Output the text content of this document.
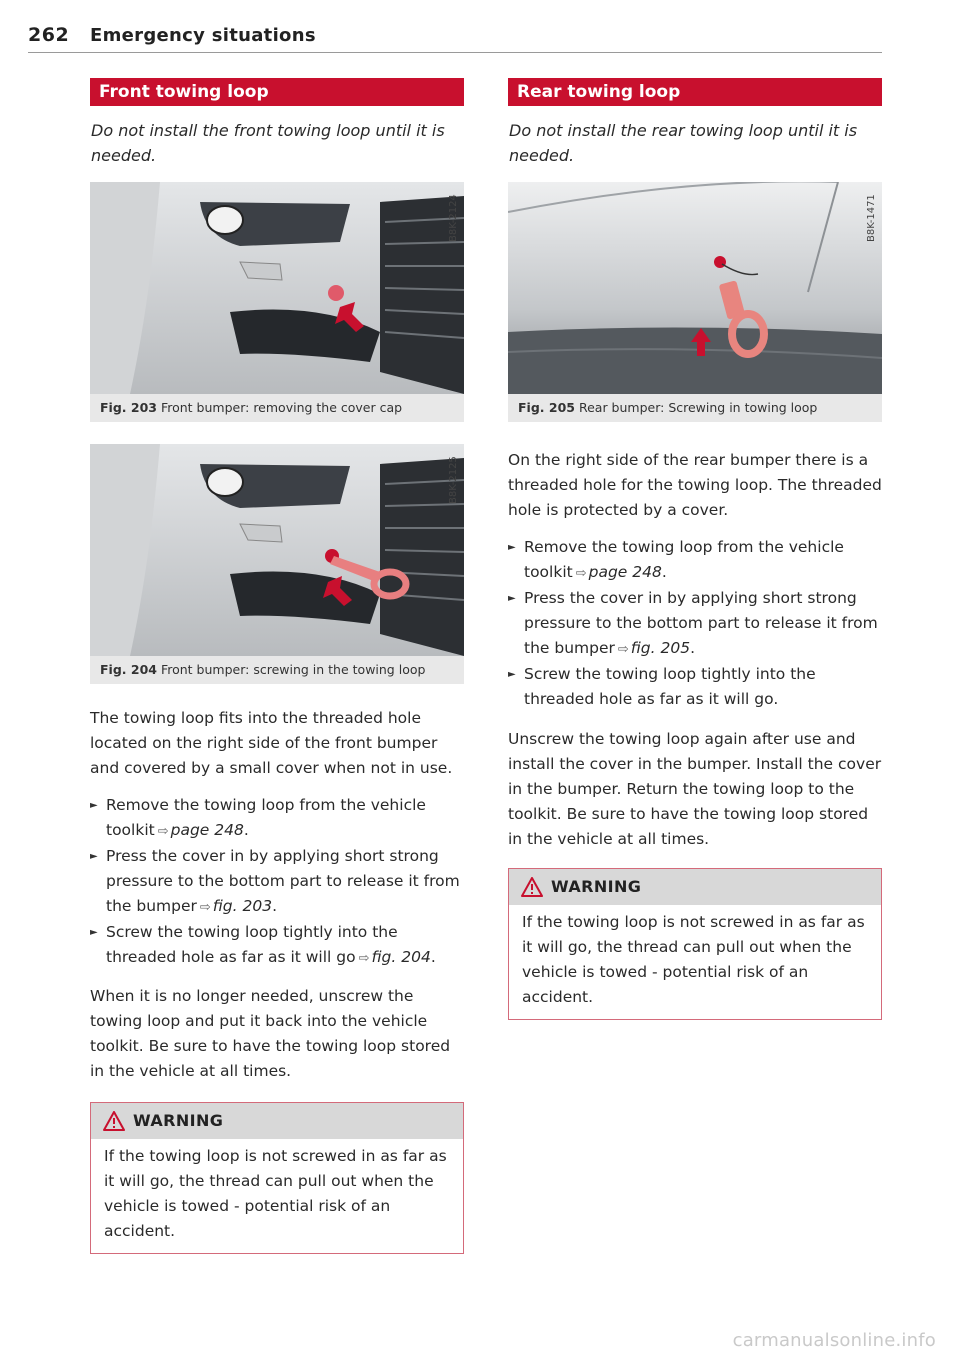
262 Emergency situations
Front towing loop

Do not install the front towing loop until it is needed.

B8K-2124
Fig. 203 Front bumper: removing the cover cap
B8K-2125
Fig. 204 Front bumper: screwing in the towing loop

The towing loop fits into the threaded hole located on the right side of the front bumper and covered by a small cover when not in use.

► Remove the towing loop from the vehicle toolkit ⇨ page 248.
► Press the cover in by applying short strong pressure to the bottom part to release it from the bumper ⇨ fig. 203.
► Screw the towing loop tightly into the threaded hole as far as it will go ⇨ fig. 204.

When it is no longer needed, unscrew the towing loop and put it back into the vehicle toolkit. Be sure to have the towing loop stored in the vehicle at all times.

WARNING
If the towing loop is not screwed in as far as it will go, the thread can pull out when the vehicle is towed - potential risk of an accident.
Rear towing loop

Do not install the rear towing loop until it is needed.

B8K-1471
Fig. 205 Rear bumper: Screwing in towing loop

On the right side of the rear bumper there is a threaded hole for the towing loop. The threaded hole is protected by a cover.

► Remove the towing loop from the vehicle toolkit ⇨ page 248.
► Press the cover in by applying short strong pressure to the bottom part to release it from the bumper ⇨ fig. 205.
► Screw the towing loop tightly into the threaded hole as far as it will go.

Unscrew the towing loop again after use and install the cover in the bumper. Install the cover in the bumper. Return the towing loop to the toolkit. Be sure to have the towing loop stored in the vehicle at all times.

WARNING
If the towing loop is not screwed in as far as it will go, the thread can pull out when the vehicle is towed - potential risk of an accident.
carmanualsonline.info
